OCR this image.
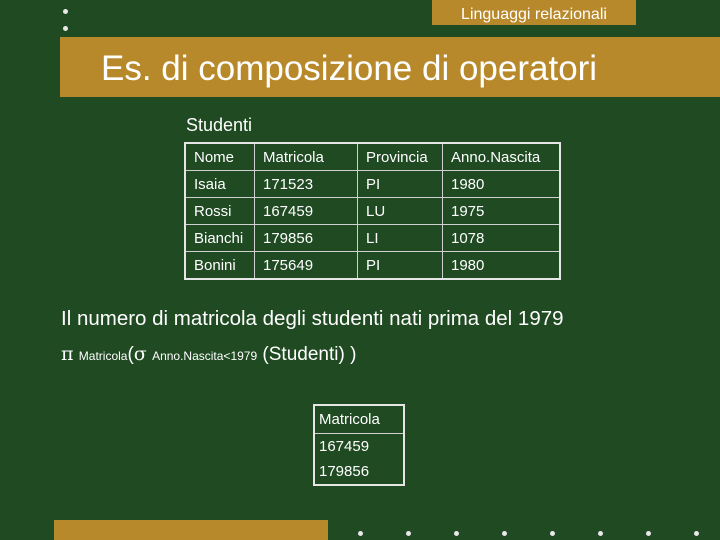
Linguaggi relazionali
Es. di composizione di operatori
Studenti
Nome	Matricola	Provincia	Anno.Nascita
Isaia	171523	PI	1980
Rossi	167459	LU	1975
Bianchi	179856	LI	1078
Bonini	175649	PI	1980
Il numero di matricola degli studenti nati prima del 1979
π Matricola(σ Anno.Nascita<1979 (Studenti) )
Matricola
167459
179856
